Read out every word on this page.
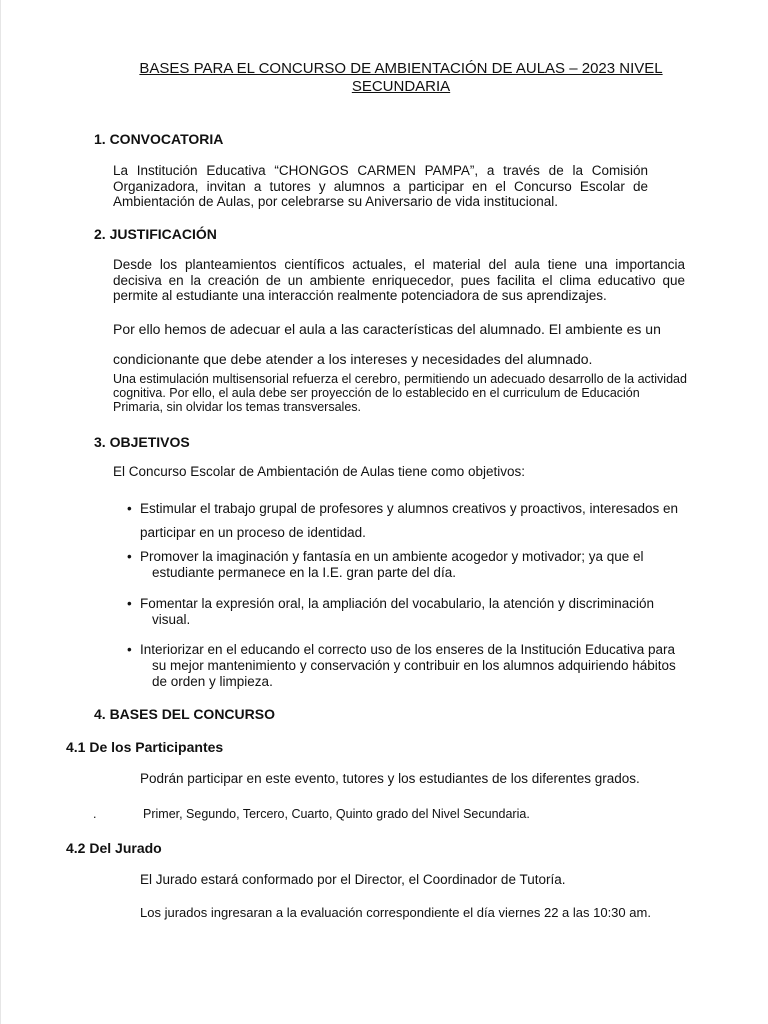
BASES PARA EL CONCURSO DE AMBIENTACIÓN DE AULAS – 2023 NIVEL SECUNDARIA
1. CONVOCATORIA
La Institución Educativa “CHONGOS CARMEN PAMPA”, a través de la Comisión Organizadora, invitan a tutores y alumnos a participar en el Concurso Escolar de Ambientación de Aulas, por celebrarse su Aniversario de vida institucional.
2. JUSTIFICACIÓN
Desde los planteamientos científicos actuales, el material del aula tiene una importancia decisiva en la creación de un ambiente enriquecedor, pues facilita el clima educativo que permite al estudiante una interacción realmente potenciadora de sus aprendizajes.
Por ello hemos de adecuar el aula a las características del alumnado. El ambiente es un
condicionante que debe atender a los intereses y necesidades del alumnado.
Una estimulación multisensorial refuerza el cerebro, permitiendo un adecuado desarrollo de la actividad cognitiva. Por ello, el aula debe ser proyección de lo establecido en el curriculum de Educación Primaria, sin olvidar los temas transversales.
3. OBJETIVOS
El Concurso Escolar de Ambientación de Aulas tiene como objetivos:
• Estimular el trabajo grupal de profesores y alumnos creativos y proactivos, interesados en
participar en un proceso de identidad.
• Promover la imaginación y fantasía en un ambiente acogedor y motivador; ya que el
estudiante permanece en la I.E. gran parte del día.
• Fomentar la expresión oral, la ampliación del vocabulario, la atención y discriminación
visual.
• Interiorizar en el educando el correcto uso de los enseres de la Institución Educativa para
su mejor mantenimiento y conservación y contribuir en los alumnos adquiriendo hábitos
de orden y limpieza.
4. BASES DEL CONCURSO
4.1 De los Participantes
Podrán participar en este evento, tutores y los estudiantes de los diferentes grados.
.	Primer, Segundo, Tercero, Cuarto, Quinto grado del Nivel Secundaria.
4.2 Del Jurado
El Jurado estará conformado por el Director, el Coordinador de Tutoría.
Los jurados ingresaran a la evaluación correspondiente el día viernes 22 a las 10:30 am.
